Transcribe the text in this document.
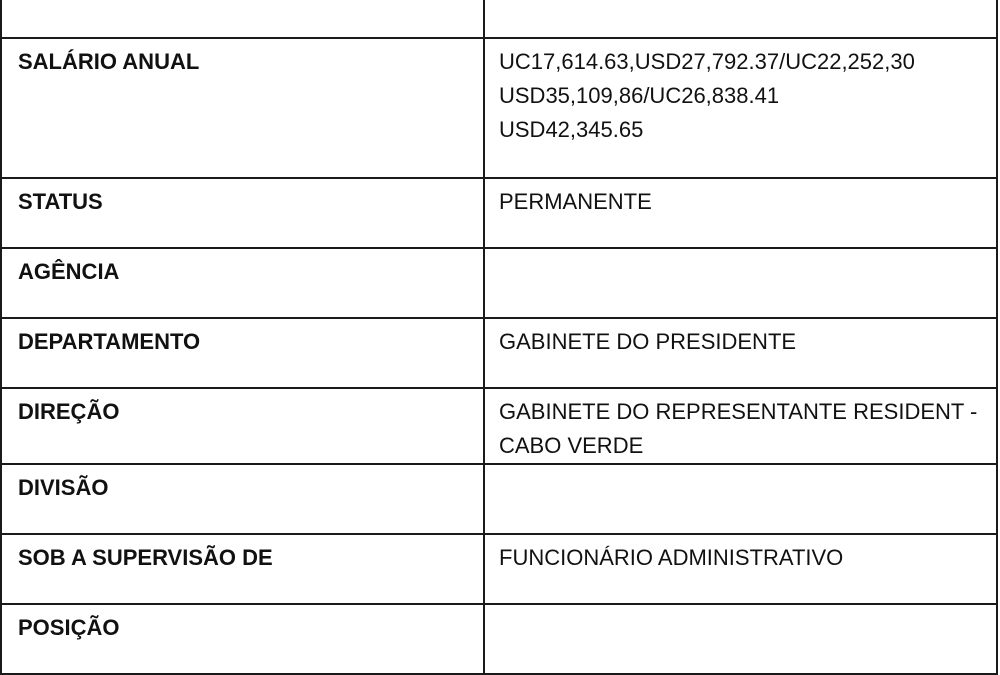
SALÁRIO ANUAL	UC17,614.63,USD27,792.37/UC22,252,30
USD35,109,86/UC26,838.41
USD42,345.65

STATUS	PERMANENTE

AGÊNCIA	
DEPARTAMENTO	GABINETE DO PRESIDENTE

DIREÇÃO	GABINETE DO REPRESENTANTE RESIDENT -
CABO VERDE

DIVISÃO	
SOB A SUPERVISÃO DE	FUNCIONÁRIO ADMINISTRATIVO

POSIÇÃO	
